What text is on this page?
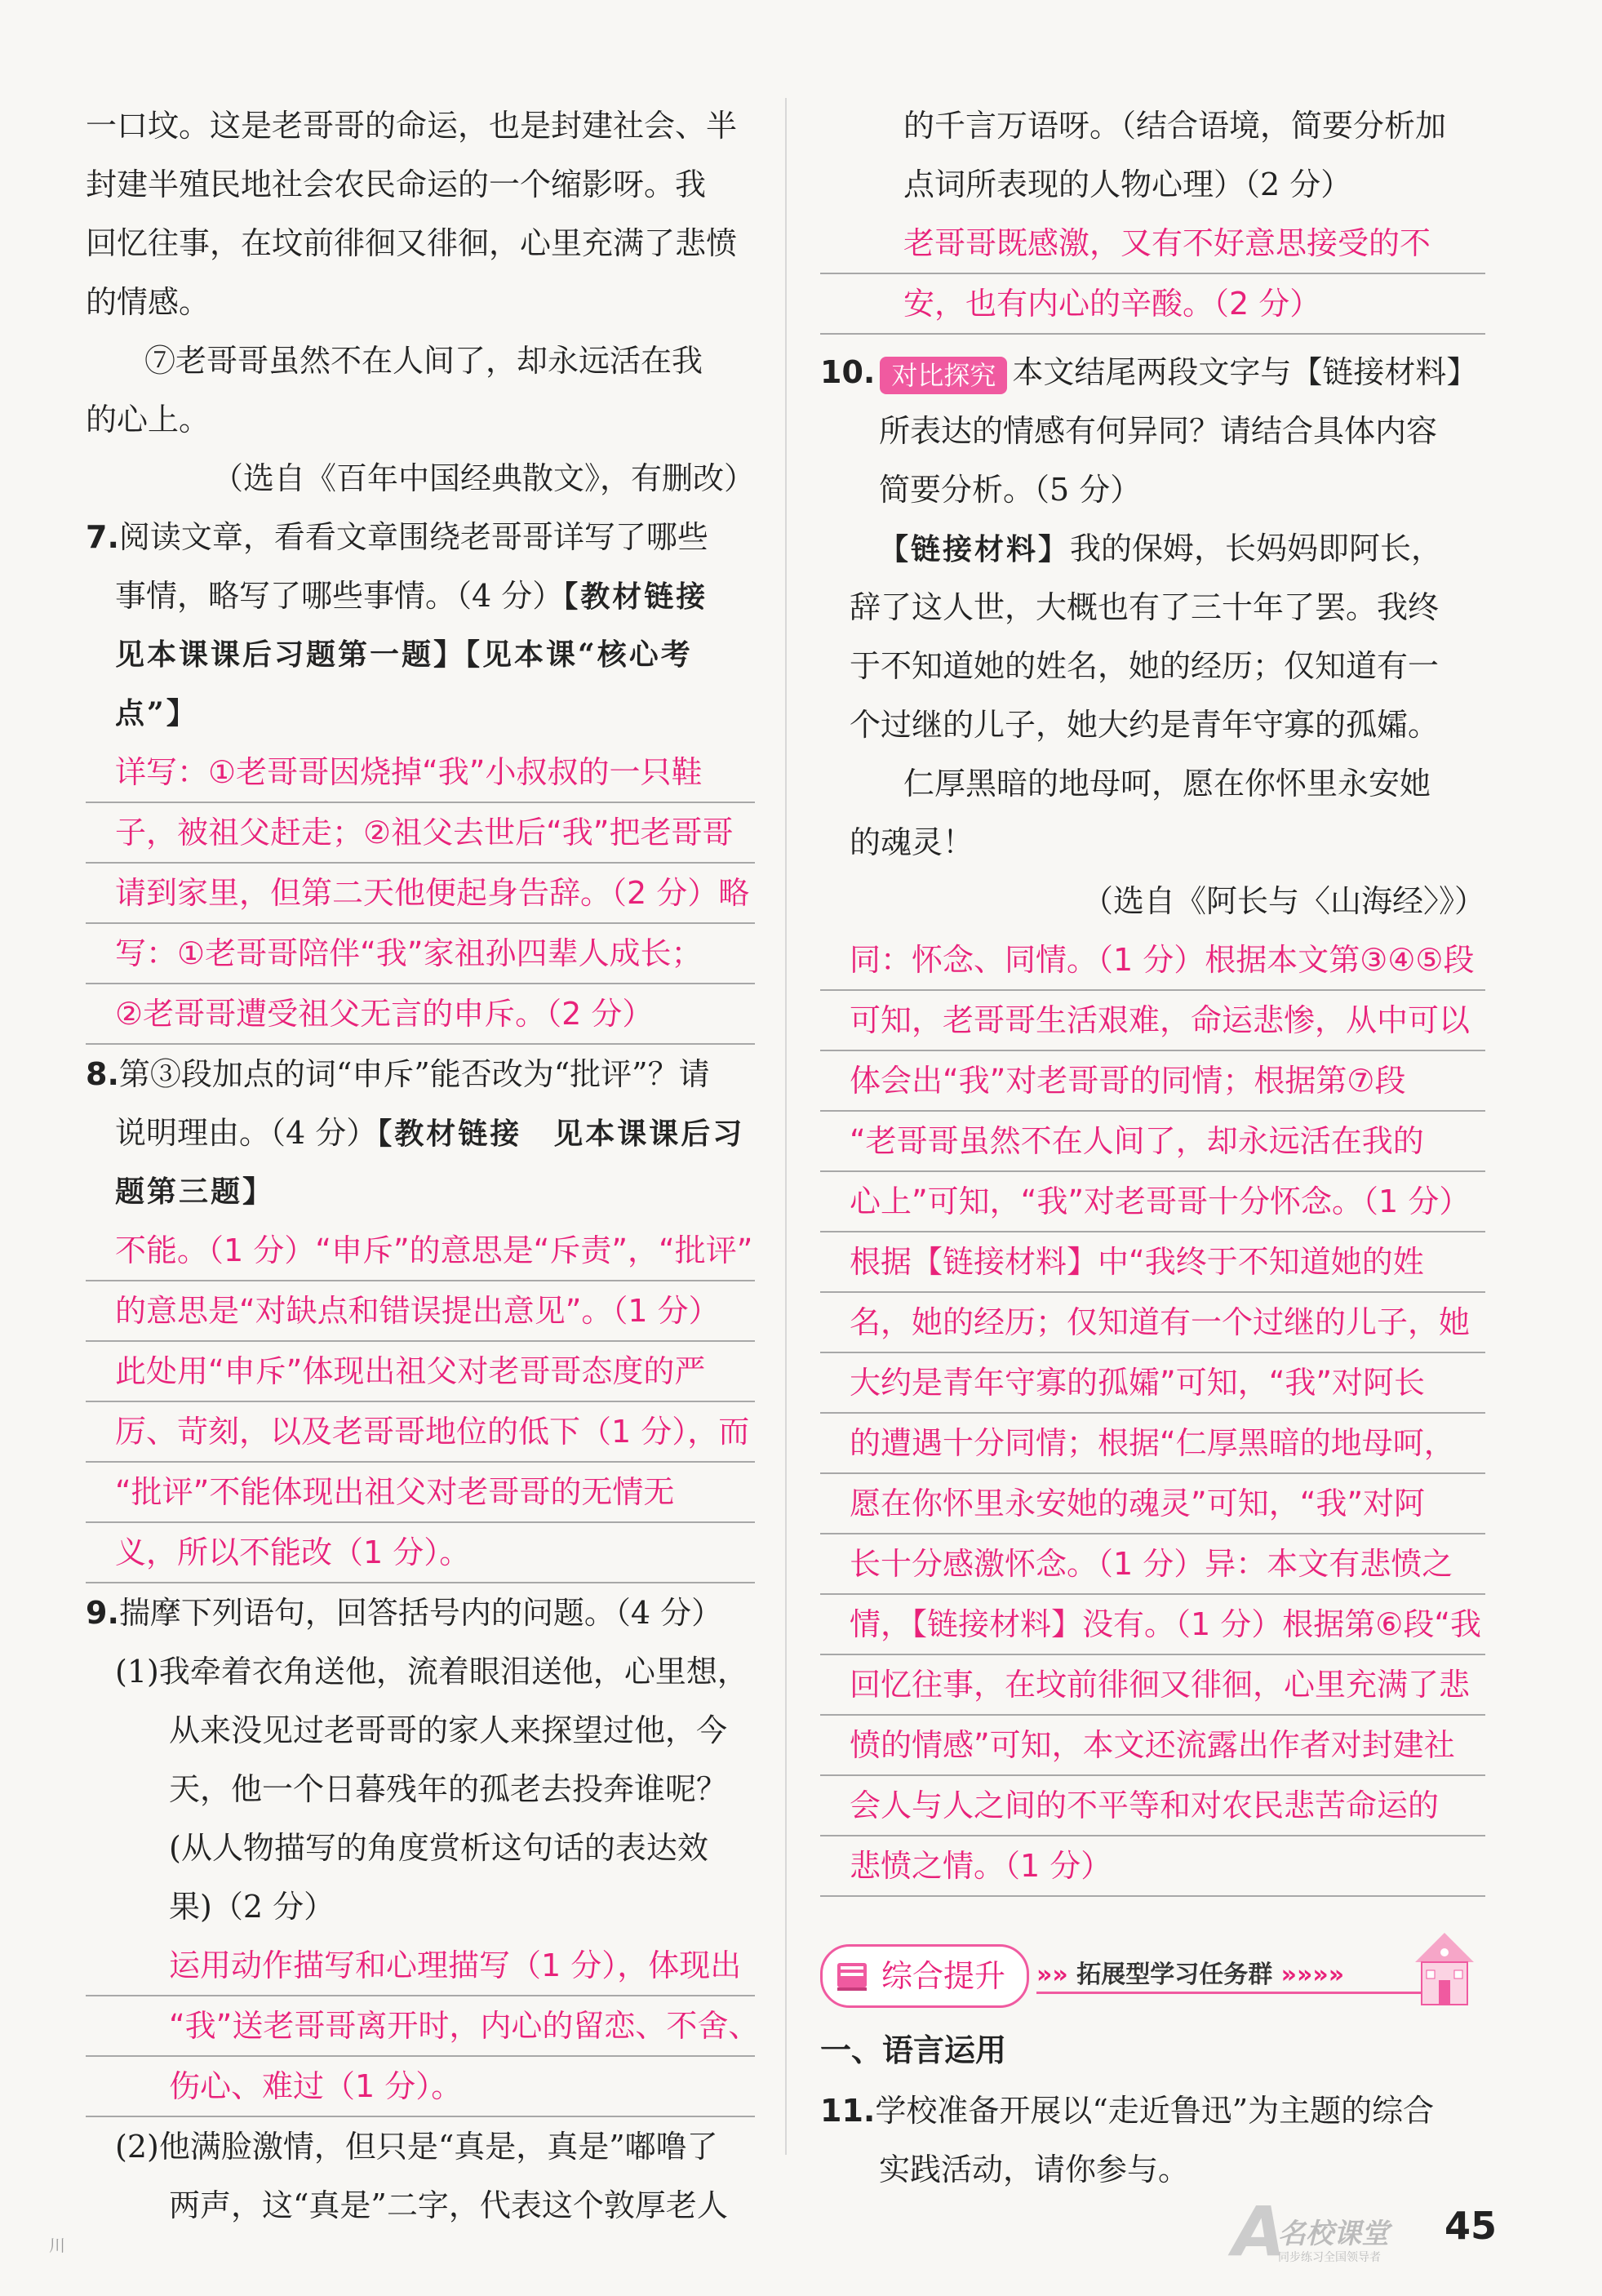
一口坟。这是老哥哥的命运，也是封建社会、半
封建半殖民地社会农民命运的一个缩影呀。我
回忆往事，在坟前徘徊又徘徊，心里充满了悲愤
的情感。
⑦老哥哥虽然不在人间了，却永远活在我
的心上。
（选自《百年中国经典散文》，有删改）
7.阅读文章，看看文章围绕老哥哥详写了哪些
事情，略写了哪些事情。（4 分）【教材链接
见本课课后习题第一题】【见本课“核心考
点”】
详写：①老哥哥因烧掉“我”小叔叔的一只鞋
子，被祖父赶走；②祖父去世后“我”把老哥哥
请到家里，但第二天他便起身告辞。（2 分）略
写：①老哥哥陪伴“我”家祖孙四辈人成长；
②老哥哥遭受祖父无言的申斥。（2 分）
8.第③段加点的词“申斥”能否改为“批评”？请
说明理由。（4 分）【教材链接　见本课课后习
题第三题】
不能。（1 分）“申斥”的意思是“斥责”，“批评”
的意思是“对缺点和错误提出意见”。（1 分）
此处用“申斥”体现出祖父对老哥哥态度的严
厉、苛刻，以及老哥哥地位的低下（1 分），而
“批评”不能体现出祖父对老哥哥的无情无
义，所以不能改（1 分）。
9.揣摩下列语句，回答括号内的问题。（4 分）
(1)我牵着衣角送他，流着眼泪送他，心里想，
从来没见过老哥哥的家人来探望过他，今
天，他一个日暮残年的孤老去投奔谁呢？
(从人物描写的角度赏析这句话的表达效
果)（2 分）
运用动作描写和心理描写（1 分），体现出
“我”送老哥哥离开时，内心的留恋、不舍、
伤心、难过（1 分）。
(2)他满脸激情，但只是“真是，真是”嘟噜了
两声，这“真是”二字，代表这个敦厚老人
的千言万语呀。（结合语境，简要分析加
点词所表现的人物心理）（2 分）
老哥哥既感激，又有不好意思接受的不
安，也有内心的辛酸。（2 分）
10. 对比探究 本文结尾两段文字与【链接材料】
所表达的情感有何异同？请结合具体内容
简要分析。（5 分）
【链接材料】我的保姆，长妈妈即阿长，
辞了这人世，大概也有了三十年了罢。我终
于不知道她的姓名，她的经历；仅知道有一
个过继的儿子，她大约是青年守寡的孤孀。
仁厚黑暗的地母呵，愿在你怀里永安她
的魂灵！
（选自《阿长与〈山海经〉》）
同：怀念、同情。（1 分）根据本文第③④⑤段
可知，老哥哥生活艰难，命运悲惨，从中可以
体会出“我”对老哥哥的同情；根据第⑦段
“老哥哥虽然不在人间了，却永远活在我的
心上”可知，“我”对老哥哥十分怀念。（1 分）
根据【链接材料】中“我终于不知道她的姓
名，她的经历；仅知道有一个过继的儿子，她
大约是青年守寡的孤孀”可知，“我”对阿长
的遭遇十分同情；根据“仁厚黑暗的地母呵，
愿在你怀里永安她的魂灵”可知，“我”对阿
长十分感激怀念。（1 分）异：本文有悲愤之
情，【链接材料】没有。（1 分）根据第⑥段“我
回忆往事，在坟前徘徊又徘徊，心里充满了悲
愤的情感”可知，本文还流露出作者对封建社
会人与人之间的不平等和对农民悲苦命运的
悲愤之情。（1 分）
综合提升 »» 拓展型学习任务群 »»»»
一、语言运用
11.学校准备开展以“走近鲁迅”为主题的综合
实践活动，请你参与。
川	A
名校课堂
同步练习全国领导者
45
